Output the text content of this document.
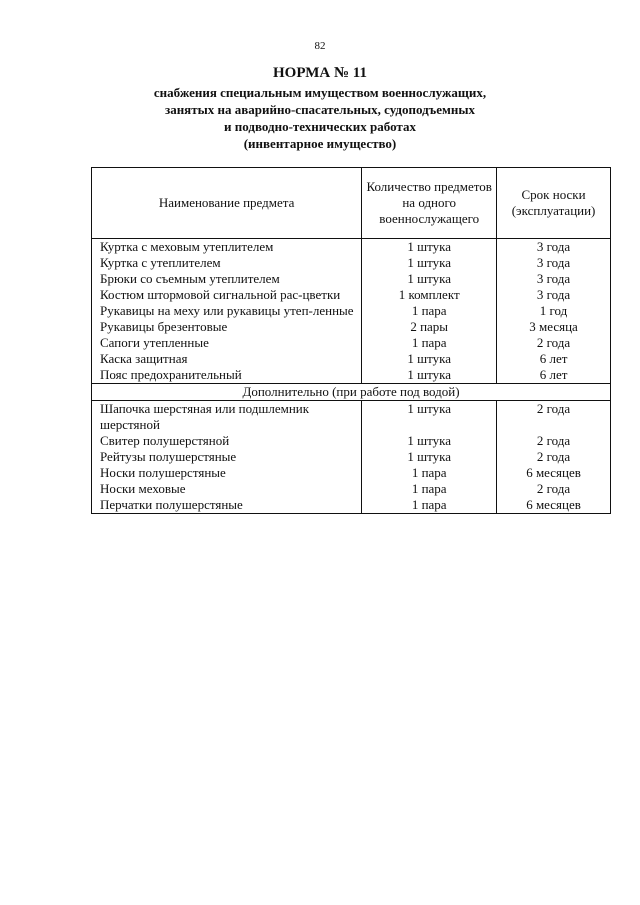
82
НОРМА № 11
снабжения специальным имуществом военнослужащих,
занятых на аварийно-спасательных, судоподъемных
и подводно-технических работах
(инвентарное имущество)
Наименование предмета	Количество предметов на одного военнослужащего	Срок носки (эксплуатации)
Куртка с меховым утеплителем	1 штука	3 года
Куртка с утеплителем	1 штука	3 года
Брюки со съемным утеплителем	1 штука	3 года
Костюм штормовой сигнальной рас-цветки	1 комплект	3 года
Рукавицы на меху или рукавицы утеп-ленные	1 пара	1 год
Рукавицы брезентовые	2 пары	3 месяца
Сапоги утепленные	1 пара	2 года
Каска защитная	1 штука	6 лет
Пояс предохранительный	1 штука	6 лет
Дополнительно (при работе под водой)		
Шапочка шерстяная или подшлемник шерстяной	1 штука	2 года
Свитер полушерстяной	1 штука	2 года
Рейтузы полушерстяные	1 штука	2 года
Носки полушерстяные	1 пара	6 месяцев
Носки меховые	1 пара	2 года
Перчатки полушерстяные	1 пара	6 месяцев
